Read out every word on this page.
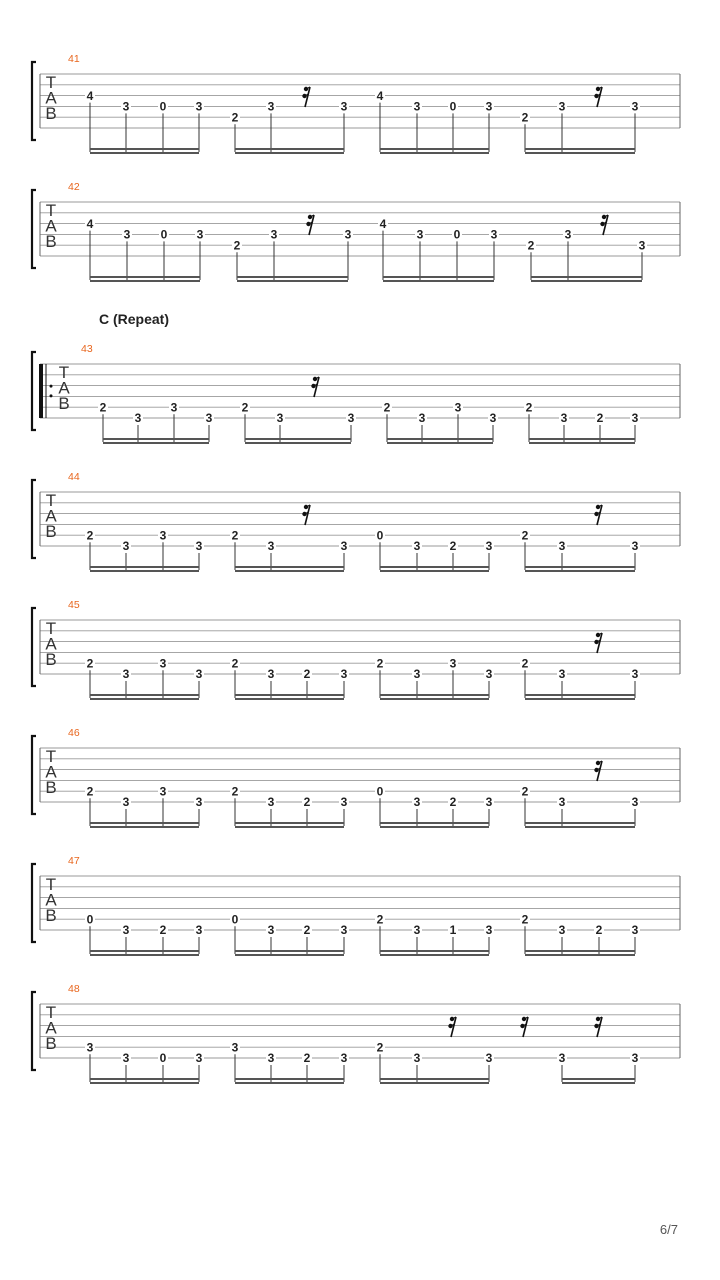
T
A
B
41
4
3	0 3
2
3	3
4
3 0 3
2
3	3
T
A
B
42
4
3	0 3
2
3	3
4
3	0	3
2
3
3
T
A
B
43
2
3
3
3
2
3	3
2
3
3
3
2
3 2 3
T
A
B
44
2
3
3
3
2
3	3
0
3 2 3
2
3	3
T
A
B
45
2
3
3
3
2
3 2	3
2
3
3
3
2
3	3
T
A
B
46
2
3
3
3
2
3 2	3
0
3 2 3
2
3	3
T
A
B
47
0
3	2 3
0
3 2	3
2
3 1 3
2
3	2 3
T
A
B
48
3
3	0 3
3
3 2	3
2
3	3	3	3
C (Repeat)
6/7
